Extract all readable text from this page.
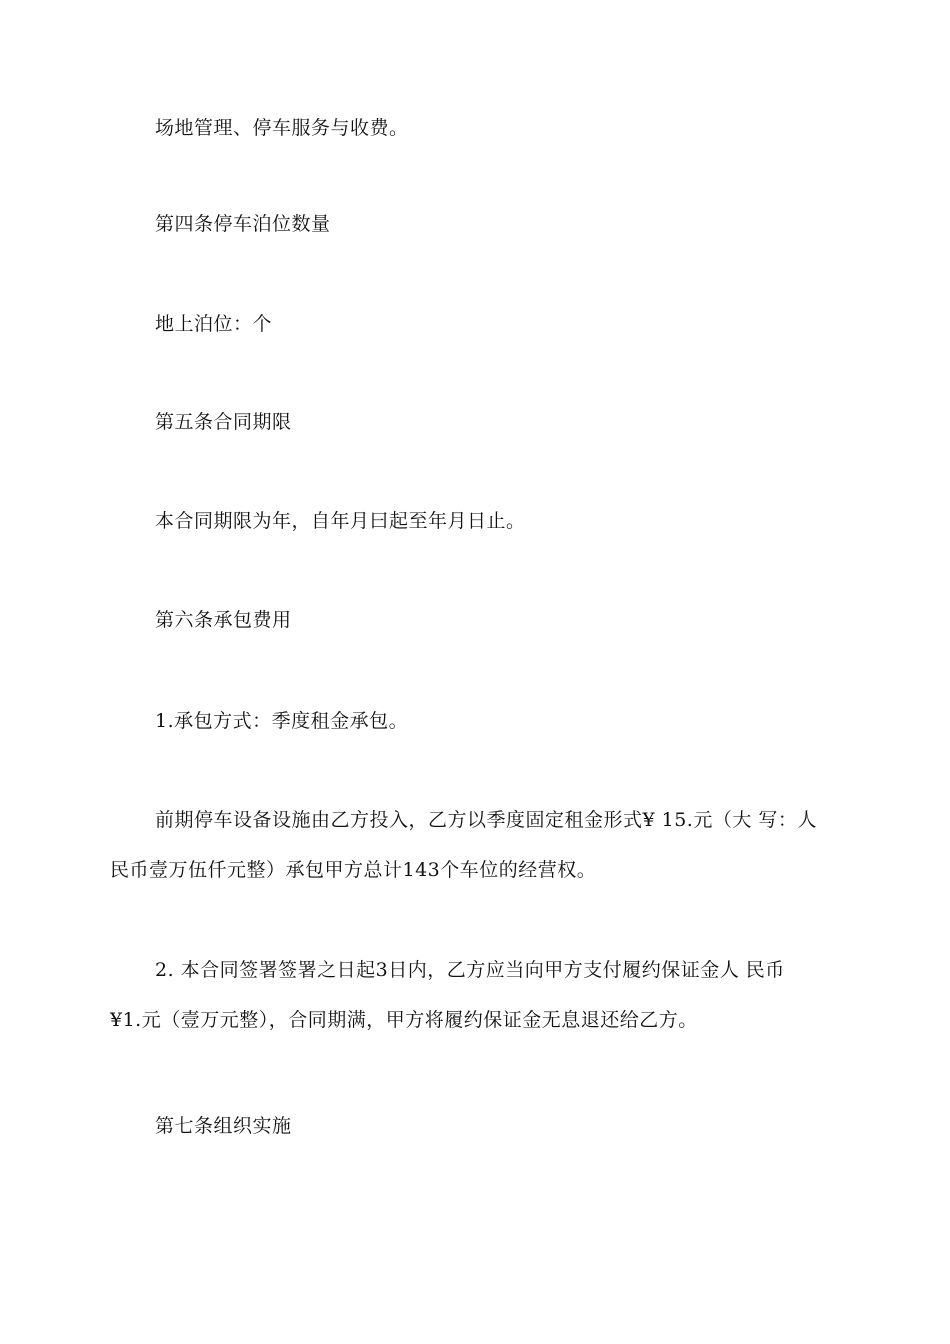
场地管理、停车服务与收费。
第四条停车泊位数量
地上泊位：个
第五条合同期限
本合同期限为年，自年月曰起至年月日止。
第六条承包费用
1.承包方式：季度租金承包。
前期停车设备设施由乙方投入，乙方以季度固定租金形式¥ 15.元（大 写：人
民币壹万伍仟元整）承包甲方总计143个车位的经营权。
2. 本合同签署签署之日起3日内，乙方应当向甲方支付履约保证金人 民币
¥1.元（壹万元整），合同期满，甲方将履约保证金无息退还给乙方。
第七条组织实施
